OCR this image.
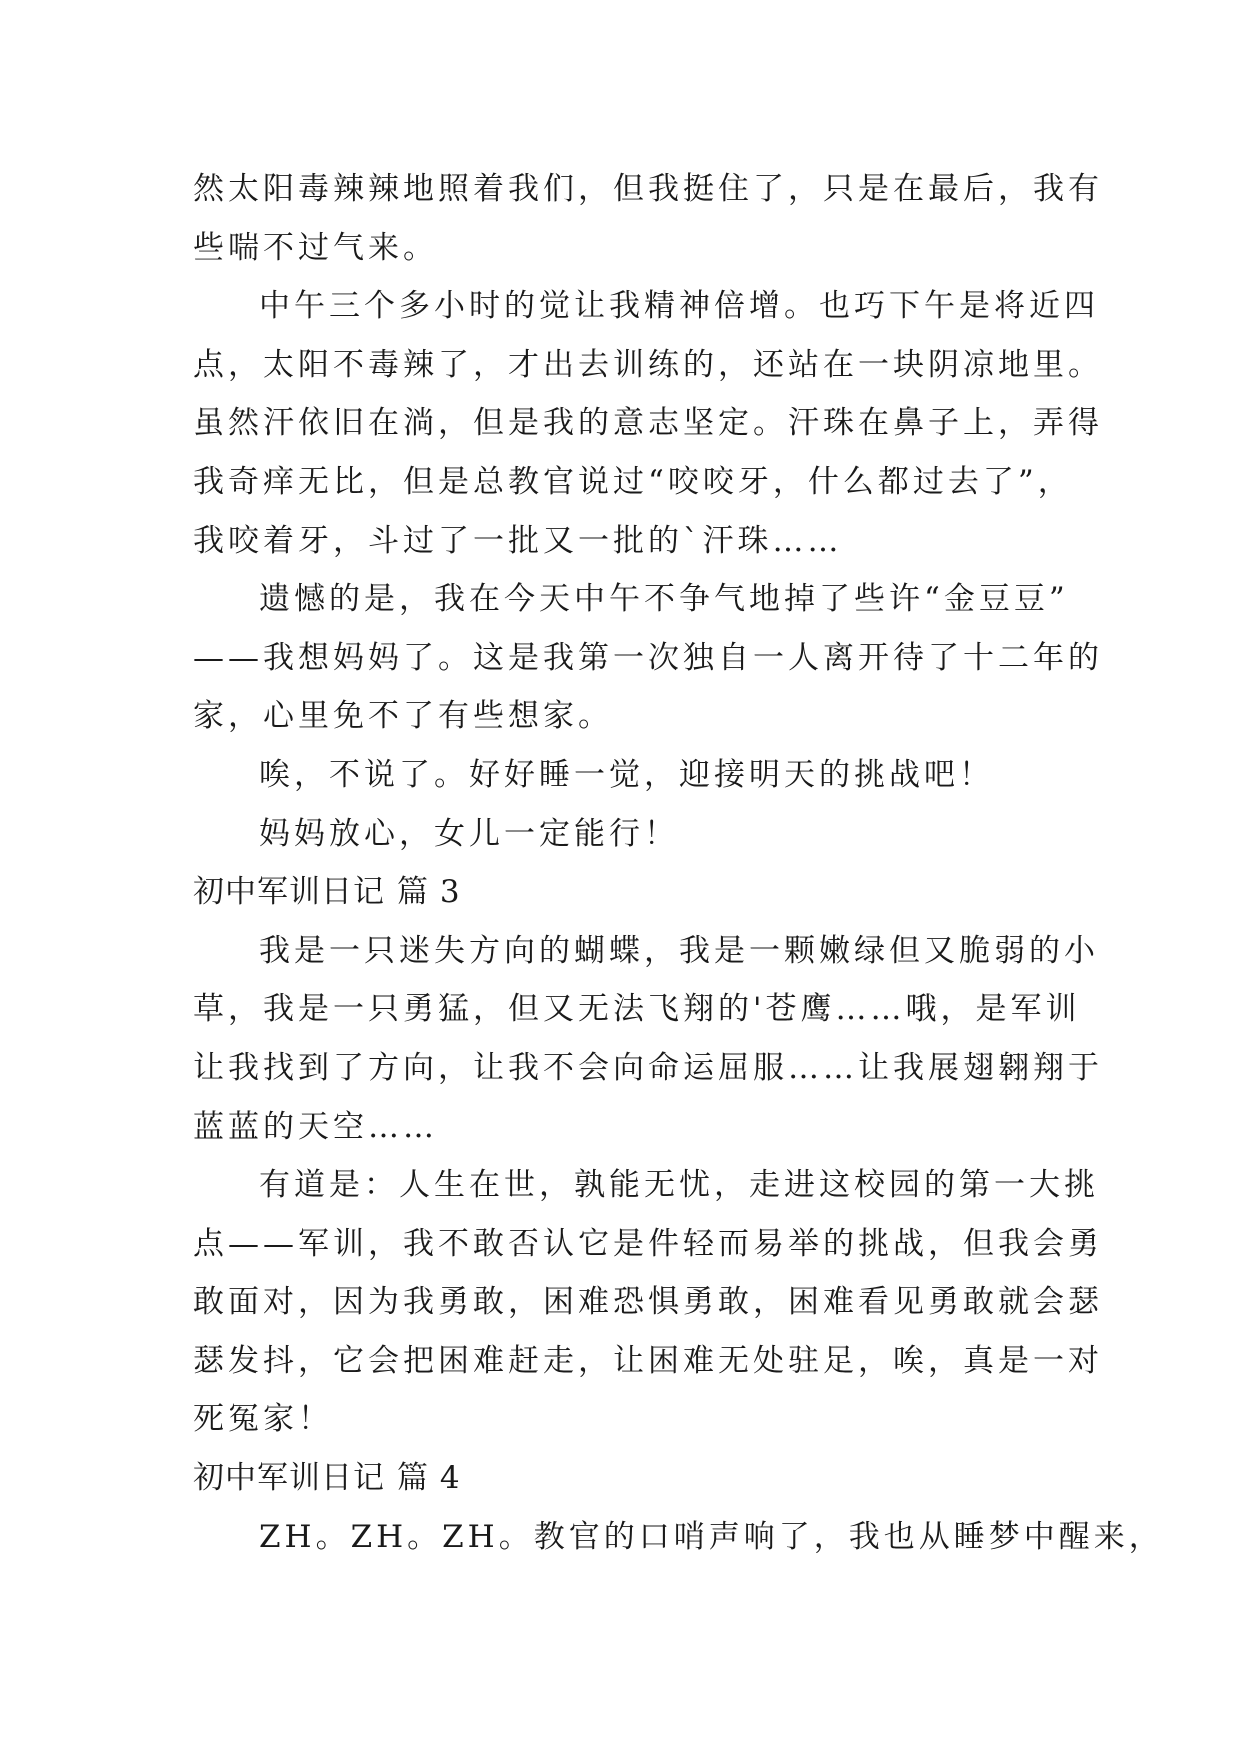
然太阳毒辣辣地照着我们，但我挺住了，只是在最后，我有
些喘不过气来。
中午三个多小时的觉让我精神倍增。也巧下午是将近四
点，太阳不毒辣了，才出去训练的，还站在一块阴凉地里。
虽然汗依旧在淌，但是我的意志坚定。汗珠在鼻子上，弄得
我奇痒无比，但是总教官说过“咬咬牙，什么都过去了”，
我咬着牙，斗过了一批又一批的`汗珠……
遗憾的是，我在今天中午不争气地掉了些许“金豆豆”
——我想妈妈了。这是我第一次独自一人离开待了十二年的
家，心里免不了有些想家。
唉，不说了。好好睡一觉，迎接明天的挑战吧！
妈妈放心，女儿一定能行！
初中军训日记 篇 3
我是一只迷失方向的蝴蝶，我是一颗嫩绿但又脆弱的小
草，我是一只勇猛，但又无法飞翔的'苍鹰……哦，是军训
让我找到了方向，让我不会向命运屈服……让我展翅翱翔于
蓝蓝的天空……
有道是：人生在世，孰能无忧，走进这校园的第一大挑
点——军训，我不敢否认它是件轻而易举的挑战，但我会勇
敢面对，因为我勇敢，困难恐惧勇敢，困难看见勇敢就会瑟
瑟发抖，它会把困难赶走，让困难无处驻足，唉，真是一对
死冤家！
初中军训日记 篇 4
ZH。ZH。ZH。教官的口哨声响了，我也从睡梦中醒来，
